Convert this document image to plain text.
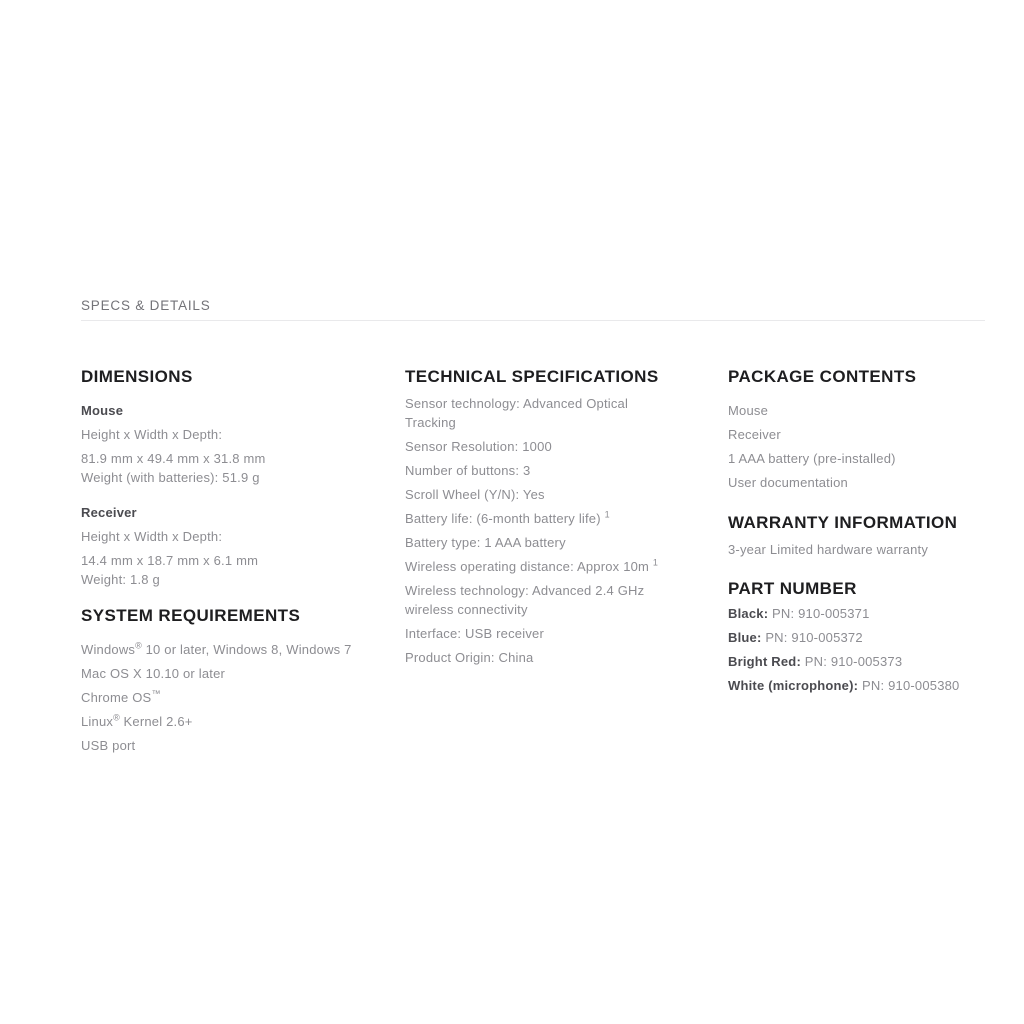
SPECS & DETAILS
DIMENSIONS

Mouse

Height x Width x Depth:

81.9 mm x 49.4 mm x 31.8 mm
Weight (with batteries): 51.9 g

Receiver

Height x Width x Depth:

14.4 mm x 18.7 mm x 6.1 mm
Weight: 1.8 g

SYSTEM REQUIREMENTS

Windows® 10 or later, Windows 8, Windows 7

Mac OS X 10.10 or later

Chrome OS™

Linux® Kernel 2.6+

USB port

TECHNICAL SPECIFICATIONS

Sensor technology: Advanced Optical Tracking

Sensor Resolution: 1000

Number of buttons: 3

Scroll Wheel (Y/N): Yes

Battery life: (6-month battery life) $^1$

Battery type: 1 AAA battery

Wireless operating distance: Approx 10m $^1$

Wireless technology: Advanced 2.4 GHz
wireless connectivity

Interface: USB receiver

Product Origin: China

PACKAGE CONTENTS

Mouse

Receiver

1 AAA battery (pre-installed)

User documentation

WARRANTY INFORMATION

3-year Limited hardware warranty

PART NUMBER

Black: PN: 910-005371

Blue: PN: 910-005372

Bright Red: PN: 910-005373

White (microphone): PN: 910-005380
